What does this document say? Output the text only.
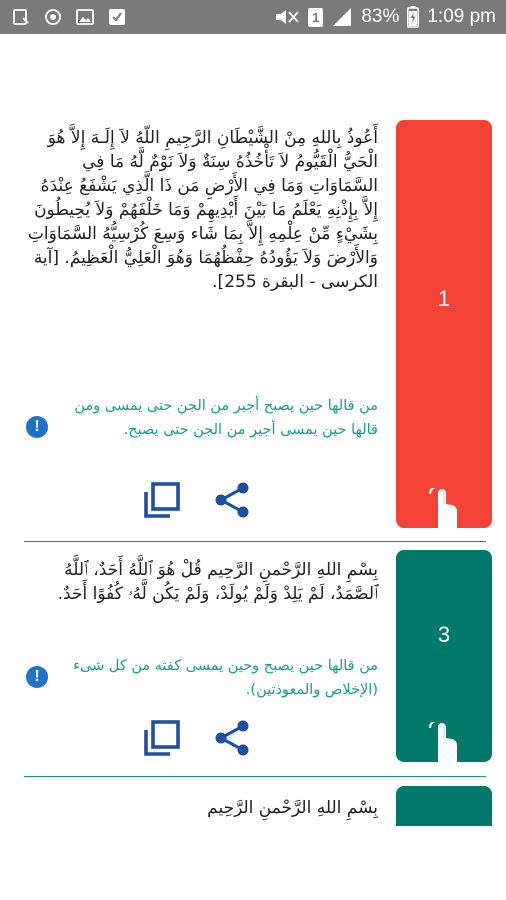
1 83% 1:09 pm
1
أَعُوذُ بِاللهِ مِنْ الشَّيْطَانِ الرَّجِيمِ اللّهُ لاَ إِلَـهَ إِلاَّ هُوَ الْحَيُّ الْقَيُّومُ لاَ تَأْخُذُهُ سِنَةٌ وَلاَ نَوْمٌ لَّهُ مَا فِي السَّمَاوَاتِ وَمَا فِي الأَرْضِ مَن ذَا الَّذِي يَشْفَعُ عِنْدَهُ إِلاَّ بِإِذْنِهِ يَعْلَمُ مَا بَيْنَ أَيْدِيهِمْ وَمَا خَلْفَهُمْ وَلاَ يُحِيطُونَ بِشَيْءٍ مِّنْ عِلْمِهِ إِلاَّ بِمَا شَاء وَسِعَ كُرْسِيُّهُ السَّمَاوَاتِ وَالأَرْضَ وَلاَ يَؤُودُهُ حِفْظُهُمَا وَهُوَ الْعَلِيُّ الْعَظِيمُ. [آية الكرسى - البقرة 255].
!
من قالها حين يصبح أجير من الجن حتى يمسى ومن قالها حين يمسى أجير من الجن حتى يصبح.
3
بِسْمِ اللهِ الرَّحْمنِ الرَّحِيم قُلْ هُوَ ٱللَّهُ أَحَدٌ، ٱللَّهُ ٱلصَّمَدُ، لَمْ يَلِدْ وَلَمْ يُولَدْ، وَلَمْ يَكُن لَّهُۥ كُفُوًا أَحَدٌ.
!
من قالها حين يصبح وحين يمسى كفته من كل شىء (الإخلاص والمعوذتين).
بِسْمِ اللهِ الرَّحْمنِ الرَّحِيم
